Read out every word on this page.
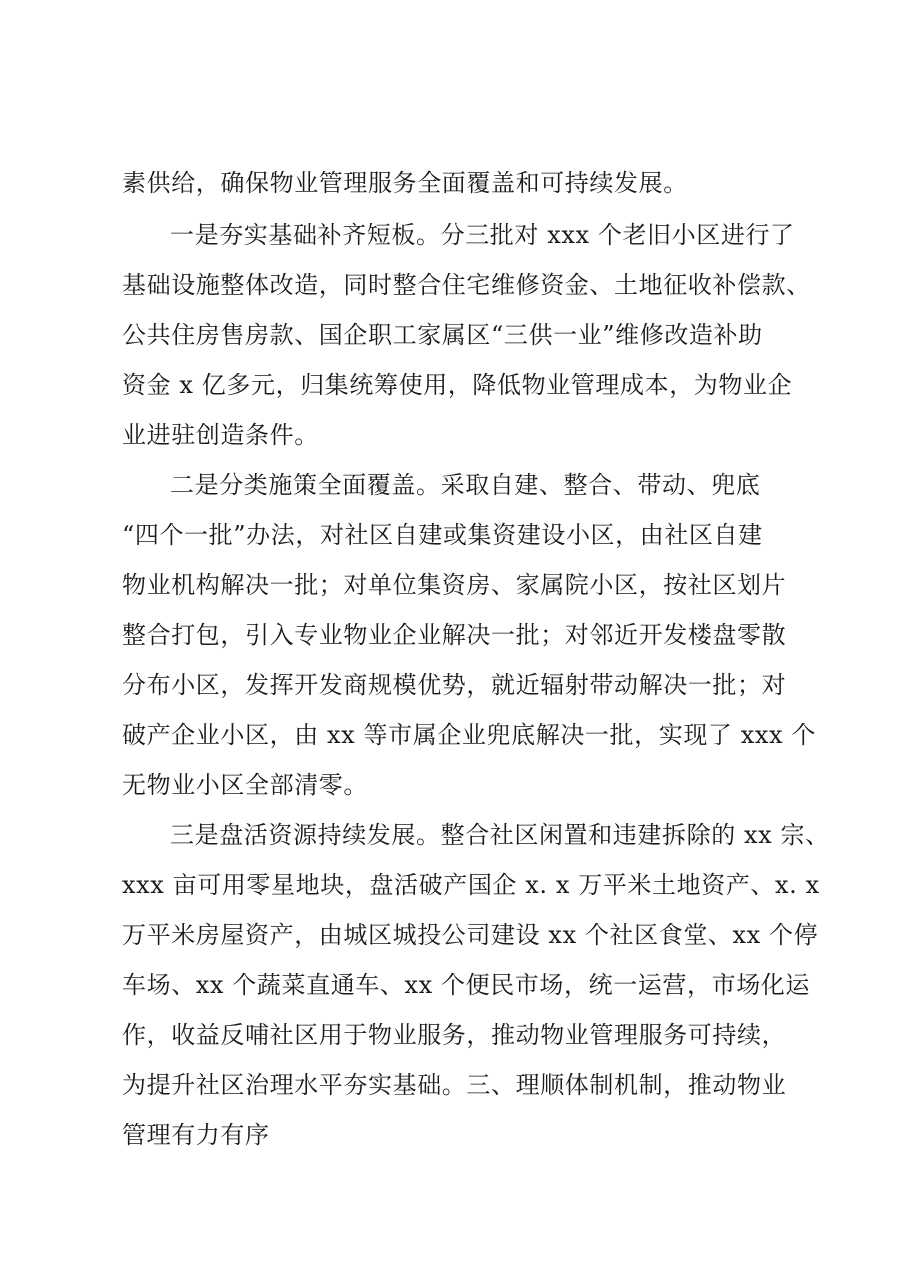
素供给，确保物业管理服务全面覆盖和可持续发展。
一是夯实基础补齐短板。分三批对 xxx 个老旧小区进行了
基础设施整体改造，同时整合住宅维修资金、土地征收补偿款、
公共住房售房款、国企职工家属区“三供一业”维修改造补助
资金 x 亿多元，归集统筹使用，降低物业管理成本，为物业企
业进驻创造条件。
二是分类施策全面覆盖。采取自建、整合、带动、兜底
“四个一批”办法，对社区自建或集资建设小区，由社区自建
物业机构解决一批；对单位集资房、家属院小区，按社区划片
整合打包，引入专业物业企业解决一批；对邻近开发楼盘零散
分布小区，发挥开发商规模优势，就近辐射带动解决一批；对
破产企业小区，由 xx 等市属企业兜底解决一批，实现了 xxx 个
无物业小区全部清零。
三是盘活资源持续发展。整合社区闲置和违建拆除的 xx 宗、
xxx 亩可用零星地块，盘活破产国企 x. x 万平米土地资产、x. x
万平米房屋资产，由城区城投公司建设 xx 个社区食堂、xx 个停
车场、xx 个蔬菜直通车、xx 个便民市场，统一运营，市场化运
作，收益反哺社区用于物业服务，推动物业管理服务可持续，
为提升社区治理水平夯实基础。三、理顺体制机制，推动物业
管理有力有序
